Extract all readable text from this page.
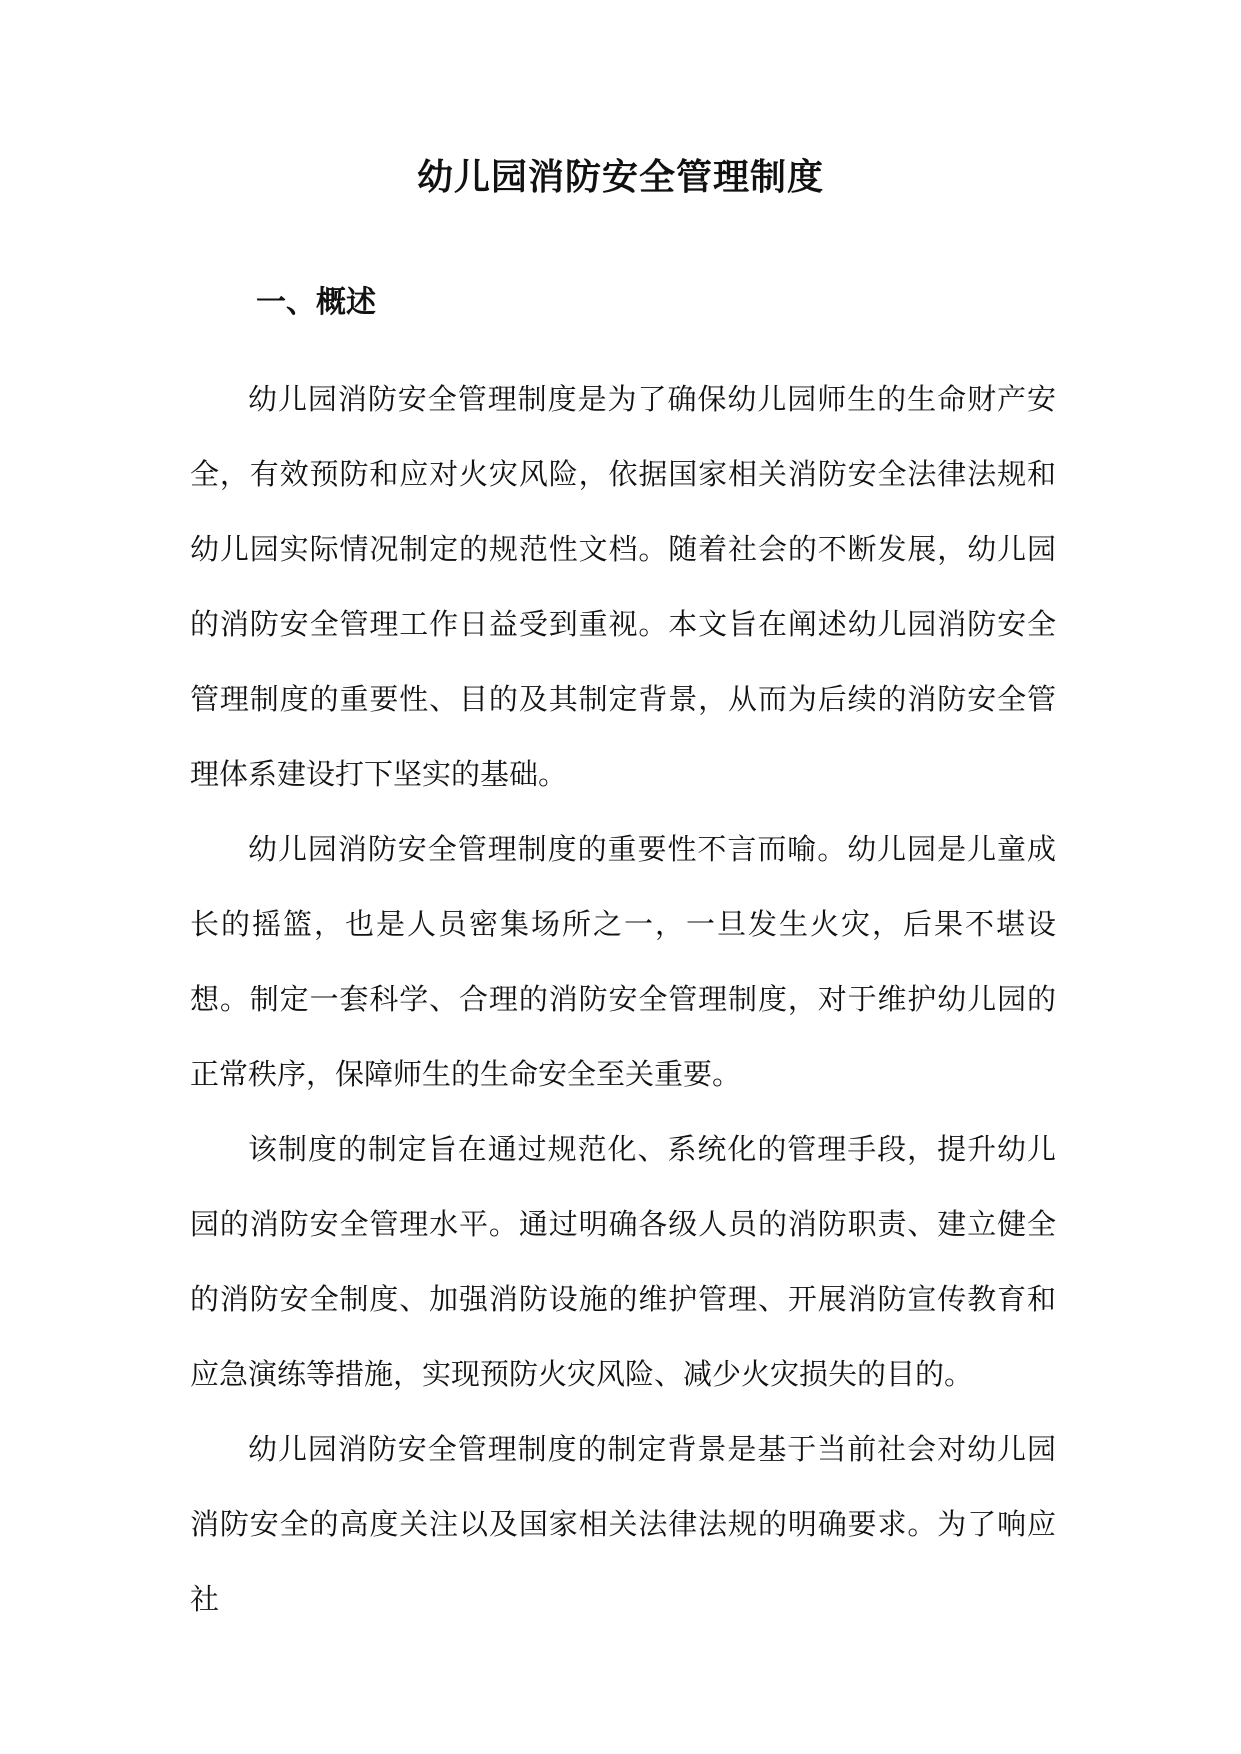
幼儿园消防安全管理制度
一、概述

幼儿园消防安全管理制度是为了确保幼儿园师生的生命财产安全，有效预防和应对火灾风险，依据国家相关消防安全法律法规和幼儿园实际情况制定的规范性文档。随着社会的不断发展，幼儿园的消防安全管理工作日益受到重视。本文旨在阐述幼儿园消防安全管理制度的重要性、目的及其制定背景，从而为后续的消防安全管理体系建设打下坚实的基础。

幼儿园消防安全管理制度的重要性不言而喻。幼儿园是儿童成长的摇篮，也是人员密集场所之一，一旦发生火灾，后果不堪设想。制定一套科学、合理的消防安全管理制度，对于维护幼儿园的正常秩序，保障师生的生命安全至关重要。

该制度的制定旨在通过规范化、系统化的管理手段，提升幼儿园的消防安全管理水平。通过明确各级人员的消防职责、建立健全的消防安全制度、加强消防设施的维护管理、开展消防宣传教育和应急演练等措施，实现预防火灾风险、减少火灾损失的目的。

幼儿园消防安全管理制度的制定背景是基于当前社会对幼儿园消防安全的高度关注以及国家相关法律法规的明确要求。为了响应社
